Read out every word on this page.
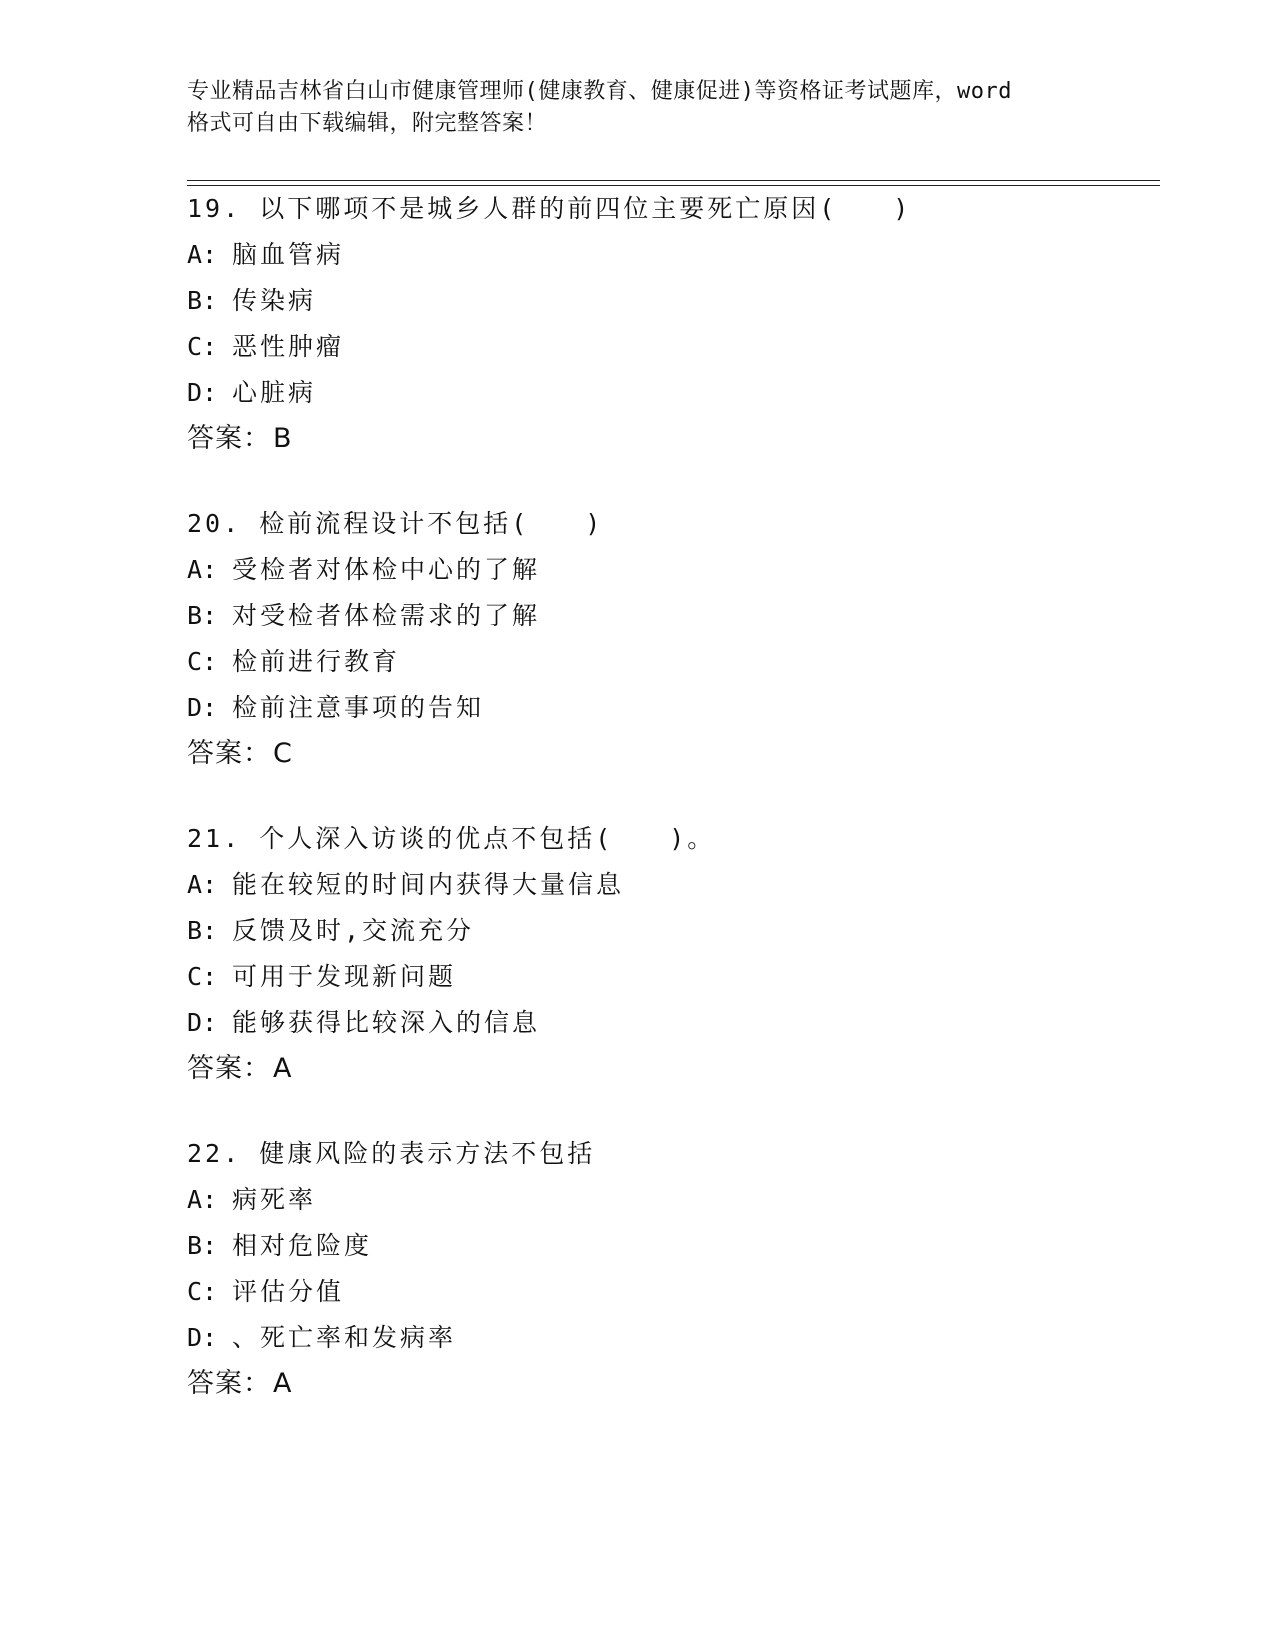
专业精品吉林省白山市健康管理师(健康教育、健康促进)等资格证考试题库，word
格式可自由下载编辑，附完整答案！
19. 以下哪项不是城乡人群的前四位主要死亡原因(　　)
A: 脑血管病
B: 传染病
C: 恶性肿瘤
D: 心脏病
答案：B
20. 检前流程设计不包括(　　)
A: 受检者对体检中心的了解
B: 对受检者体检需求的了解
C: 检前进行教育
D: 检前注意事项的告知
答案：C
21. 个人深入访谈的优点不包括(　　)。
A: 能在较短的时间内获得大量信息
B: 反馈及时,交流充分
C: 可用于发现新问题
D: 能够获得比较深入的信息
答案：A
22. 健康风险的表示方法不包括
A: 病死率
B: 相对危险度
C: 评估分值
D: 、死亡率和发病率
答案：A
